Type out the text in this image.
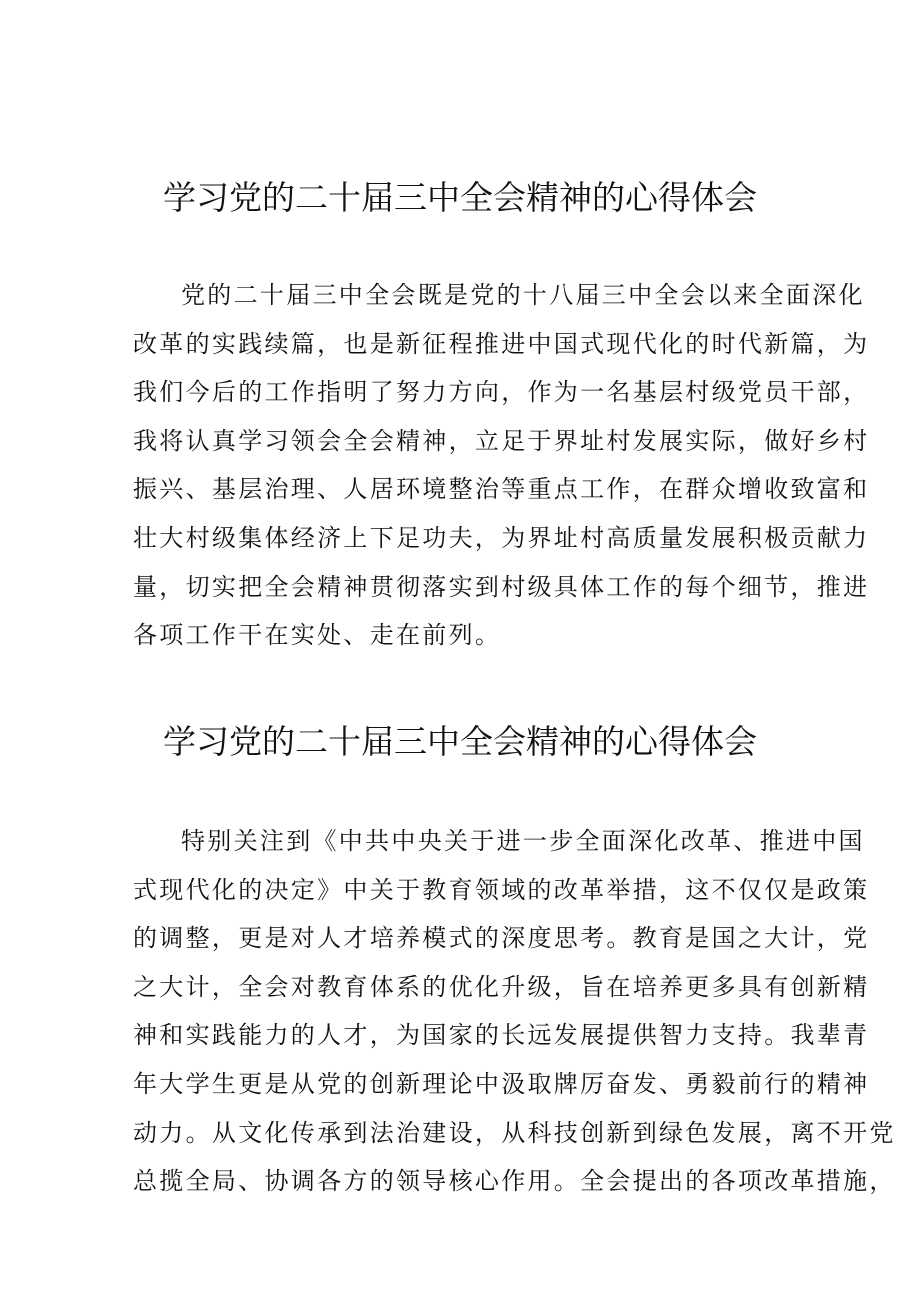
学习党的二十届三中全会精神的心得体会
党的二十届三中全会既是党的十八届三中全会以来全面深化
改革的实践续篇，也是新征程推进中国式现代化的时代新篇，为
我们今后的工作指明了努力方向，作为一名基层村级党员干部，
我将认真学习领会全会精神，立足于界址村发展实际，做好乡村
振兴、基层治理、人居环境整治等重点工作，在群众增收致富和
壮大村级集体经济上下足功夫，为界址村高质量发展积极贡献力
量，切实把全会精神贯彻落实到村级具体工作的每个细节，推进
各项工作干在实处、走在前列。
学习党的二十届三中全会精神的心得体会
特别关注到《中共中央关于进一步全面深化改革、推进中国
式现代化的决定》中关于教育领域的改革举措，这不仅仅是政策
的调整，更是对人才培养模式的深度思考。教育是国之大计，党
之大计，全会对教育体系的优化升级，旨在培养更多具有创新精
神和实践能力的人才，为国家的长远发展提供智力支持。我辈青
年大学生更是从党的创新理论中汲取牌厉奋发、勇毅前行的精神
动力。从文化传承到法治建设，从科技创新到绿色发展，离不开党
总揽全局、协调各方的领导核心作用。全会提出的各项改革措施，
